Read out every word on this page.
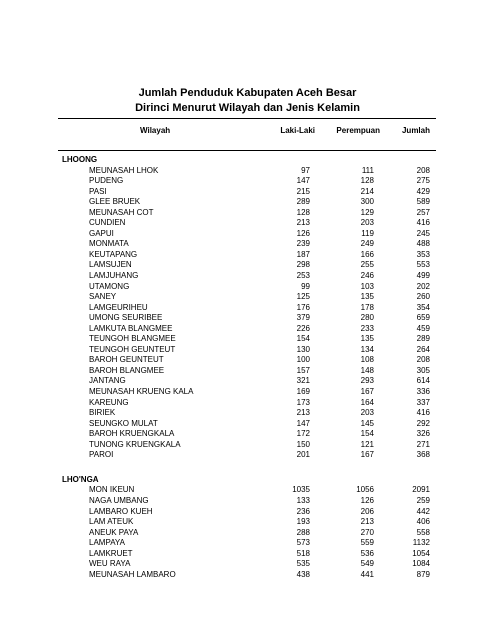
Jumlah Penduduk Kabupaten Aceh Besar
Dirinci Menurut Wilayah dan Jenis Kelamin
Wilayah	Laki-Laki	Perempuan	Jumlah
LHOONG
MEUNASAH LHOK	97	111	208
PUDENG	147	128	275
PASI	215	214	429
GLEE BRUEK	289	300	589
MEUNASAH COT	128	129	257
CUNDIEN	213	203	416
GAPUI	126	119	245
MONMATA	239	249	488
KEUTAPANG	187	166	353
LAMSUJEN	298	255	553
LAMJUHANG	253	246	499
UTAMONG	99	103	202
SANEY	125	135	260
LAMGEURIHEU	176	178	354
UMONG SEURIBEE	379	280	659
LAMKUTA BLANGMEE	226	233	459
TEUNGOH BLANGMEE	154	135	289
TEUNGOH GEUNTEUT	130	134	264
BAROH GEUNTEUT	100	108	208
BAROH BLANGMEE	157	148	305
JANTANG	321	293	614
MEUNASAH KRUENG KALA	169	167	336
KAREUNG	173	164	337
BIRIEK	213	203	416
SEUNGKO MULAT	147	145	292
BAROH KRUENGKALA	172	154	326
TUNONG KRUENGKALA	150	121	271
PAROI	201	167	368
LHO'NGA
MON IKEUN	1035	1056	2091
NAGA UMBANG	133	126	259
LAMBARO KUEH	236	206	442
LAM ATEUK	193	213	406
ANEUK PAYA	288	270	558
LAMPAYA	573	559	1132
LAMKRUET	518	536	1054
WEU RAYA	535	549	1084
MEUNASAH LAMBARO	438	441	879
